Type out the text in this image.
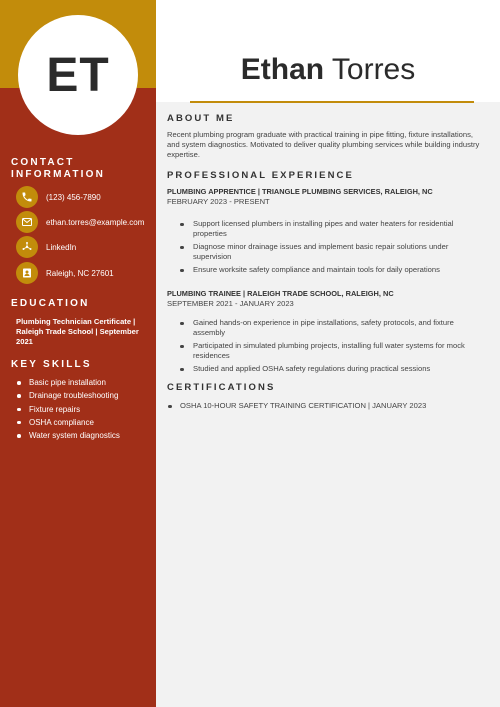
ET
CONTACT
INFORMATION
(123) 456-7890
ethan.torres@example.com
LinkedIn
Raleigh, NC 27601
EDUCATION
Plumbing Technician Certificate | Raleigh Trade School | September 2021
KEY SKILLS
Basic pipe installation
Drainage troubleshooting
Fixture repairs
OSHA compliance
Water system diagnostics
Ethan Torres
ABOUT ME
Recent plumbing program graduate with practical training in pipe fitting, fixture installations, and system diagnostics. Motivated to deliver quality plumbing services while building industry expertise.
PROFESSIONAL EXPERIENCE
PLUMBING APPRENTICE | TRIANGLE PLUMBING SERVICES, RALEIGH, NC
FEBRUARY 2023 - PRESENT
Support licensed plumbers in installing pipes and water heaters for residential properties
Diagnose minor drainage issues and implement basic repair solutions under supervision
Ensure worksite safety compliance and maintain tools for daily operations
PLUMBING TRAINEE | RALEIGH TRADE SCHOOL, RALEIGH, NC
SEPTEMBER 2021 - JANUARY 2023
Gained hands-on experience in pipe installations, safety protocols, and fixture assembly
Participated in simulated plumbing projects, installing full water systems for mock residences
Studied and applied OSHA safety regulations during practical sessions
CERTIFICATIONS
OSHA 10-HOUR SAFETY TRAINING CERTIFICATION | JANUARY 2023
